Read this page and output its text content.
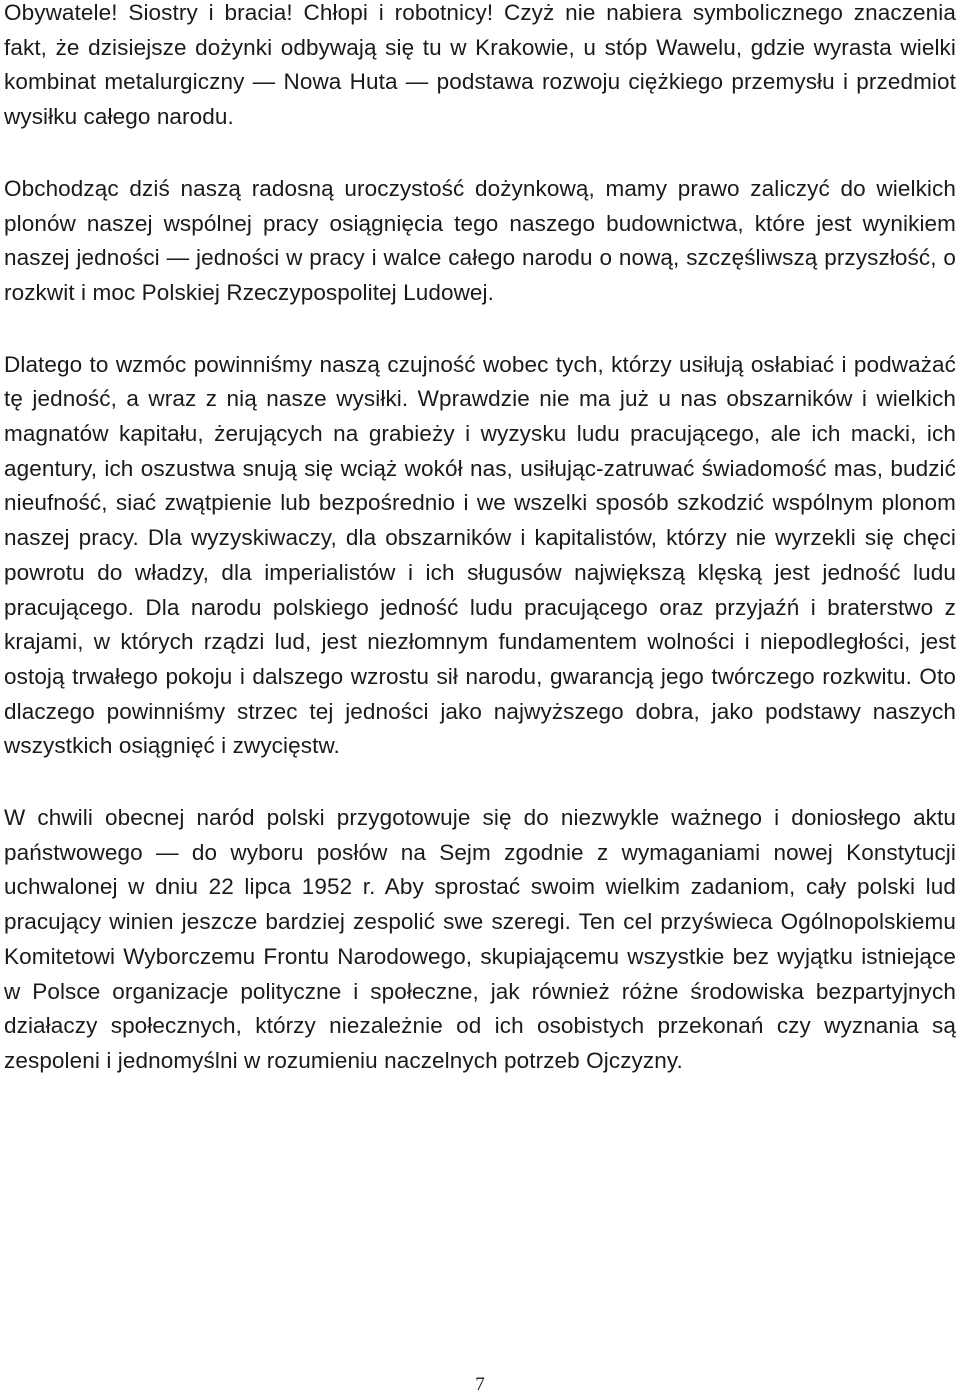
Obywatele! Siostry i bracia! Chłopi i robotnicy! Czyż nie nabiera symbolicznego znaczenia fakt, że dzisiejsze dożynki odbywają się tu w Krakowie, u stóp Wawelu, gdzie wyrasta wielki kombinat metalurgiczny — Nowa Huta — podstawa rozwoju ciężkiego przemysłu i przedmiot wysiłku całego narodu.

Obchodząc dziś naszą radosną uroczystość dożynkową, mamy prawo zaliczyć do wielkich plonów naszej wspólnej pracy osiągnięcia tego naszego budownictwa, które jest wynikiem naszej jedności — jedności w pracy i walce całego narodu o nową, szczęśliwszą przyszłość, o rozkwit i moc Polskiej Rzeczypospolitej Ludowej.

Dlatego to wzmóc powinniśmy naszą czujność wobec tych, którzy usiłują osłabiać i podważać tę jedność, a wraz z nią nasze wysiłki. Wprawdzie nie ma już u nas obszarników i wielkich magnatów kapitału, żerujących na grabieży i wyzysku ludu pracującego, ale ich macki, ich agentury, ich oszustwa snują się wciąż wokół nas, usiłując-zatruwać świadomość mas, budzić nieufność, siać zwątpienie lub bezpośrednio i we wszelki sposób szkodzić wspólnym plonom naszej pracy. Dla wyzyskiwaczy, dla obszarników i kapitalistów, którzy nie wyrzekli się chęci powrotu do władzy, dla imperialistów i ich sługusów największą klęską jest jedność ludu pracującego. Dla narodu polskiego jedność ludu pracującego oraz przyjaźń i braterstwo z krajami, w których rządzi lud, jest niezłomnym fundamentem wolności i niepodległości, jest ostoją trwałego pokoju i dalszego wzrostu sił narodu, gwarancją jego twórczego rozkwitu. Oto dlaczego powinniśmy strzec tej jedności jako najwyższego dobra, jako podstawy naszych wszystkich osiągnięć i zwycięstw.

W chwili obecnej naród polski przygotowuje się do niezwykle ważnego i doniosłego aktu państwowego — do wyboru posłów na Sejm zgodnie z wymaganiami nowej Konstytucji uchwalonej w dniu 22 lipca 1952 r. Aby sprostać swoim wielkim zadaniom, cały polski lud pracujący winien jeszcze bardziej zespolić swe szeregi. Ten cel przyświeca Ogólnopolskiemu Komitetowi Wyborczemu Frontu Narodowego, skupiającemu wszystkie bez wyjątku istniejące w Polsce organizacje polityczne i społeczne, jak również różne środowiska bezpartyjnych działaczy społecznych, którzy niezależnie od ich osobistych przekonań czy wyznania są zespoleni i jednomyślni w rozumieniu naczelnych potrzeb Ojczyzny.

7
